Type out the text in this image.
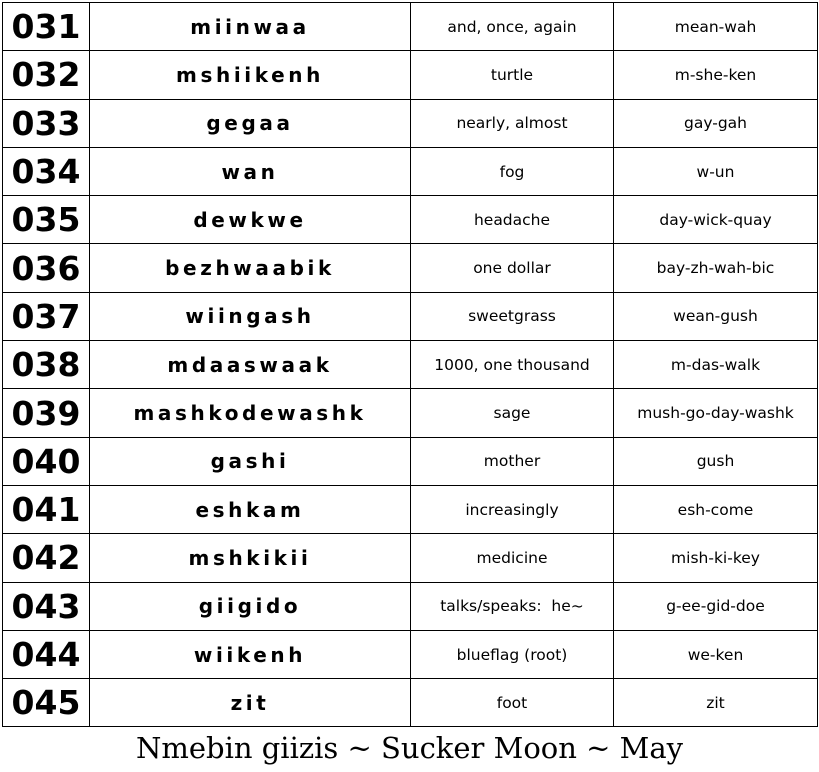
031	miinwaa	and, once, again	mean-wah
032	mshiikenh	turtle	m-she-ken
033	gegaa	nearly, almost	gay-gah
034	wan	fog	w-un
035	dewkwe	headache	day-wick-quay
036	bezhwaabik	one dollar	bay-zh-wah-bic
037	wiingash	sweetgrass	wean-gush
038	mdaaswaak	1000, one thousand	m-das-walk
039	mashkodewashk	sage	mush-go-day-washk
040	gashi	mother	gush
041	eshkam	increasingly	esh-come
042	mshkikii	medicine	mish-ki-key
043	giigido	talks/speaks:  he~	g-ee-gid-doe
044	wiikenh	blueflag (root)	we-ken
045	zit	foot	zit
Nmebin giizis ~ Sucker Moon ~ May
